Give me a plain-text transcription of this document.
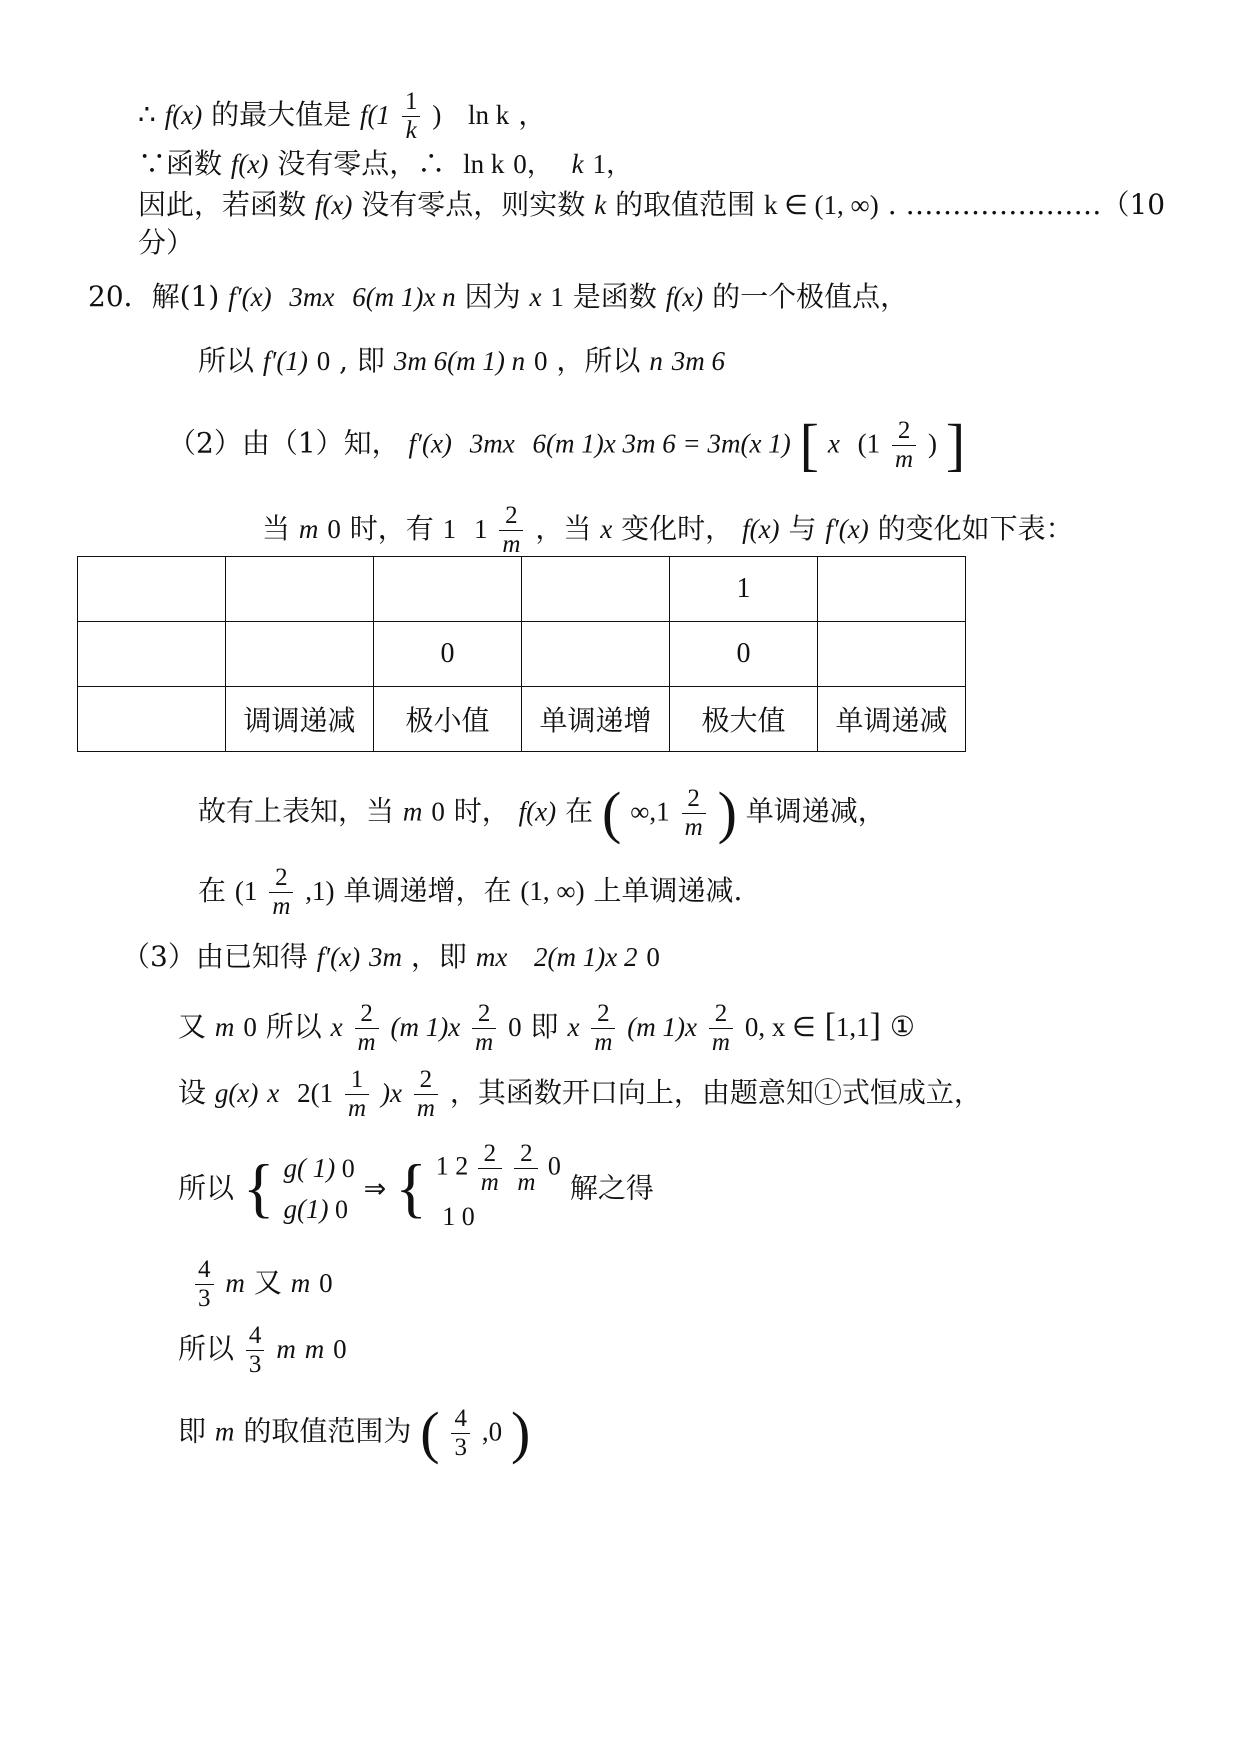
∴ f(x) 的最大值是 $f(1 \frac{1}{k}$ ) ln k ，
∵函数 f(x) 没有零点，∴ ln k 0， k 1，
因此，若函数 f(x) 没有零点，则实数 k 的取值范围 k ∈ (1, ∞) . …………………（10
分）
20．解(1) f′(x) 3mx 6(m 1)x n 因为 x 1 是函数 f(x) 的一个极值点，
所以 f′(1) 0 , 即 3m 6(m 1) n 0 ，所以 n 3m 6
（2）由（1）知， f′(x) 3mx 6(m 1)x 3m 6 = 3m(x 1) [ x ($1 \frac{2}{m}$ ) ]
当 m 0 时，有 1 $1 \frac{2}{m}$ ，当 x 变化时， f(x) 与 f′(x) 的变化如下表：
				1	
		0		0	
	调调递减	极小值	单调递增	极大值	单调递减
故有上表知，当 m 0 时， f(x) 在 ( $\infty,1 \frac{2}{m}$ ) 单调递减，
在 $(1 \frac{2}{m} ,1)$ 单调递增，在 (1, ∞) 上单调递减.
（3）由已知得 f′(x) 3m ，即 mx 2(m 1)x 2 0
又 m 0 所以 x $\frac{2}{m} (m$ $1)x \frac{2}{m} 0$ 即 x $\frac{2}{m} (m$ $1)x \frac{2}{m} 0$, x ∈ [1,1] ①
设 g(x) x $2(1 \frac{1}{m} )x \frac{2}{m}$ ，其函数开口向上，由题意知①式恒成立，
所以 { g( 1) 0
g(1) 0 ⇒ { 1 $2 \frac{2}{m}$
$\frac{2}{m} 0$
1 0 解之得
$\frac{4}{3}$ m 又 m 0
所以 $\frac{4}{3}$ m m 0
即 m 的取值范围为 ( $\frac{4}{3} ,0$ )
